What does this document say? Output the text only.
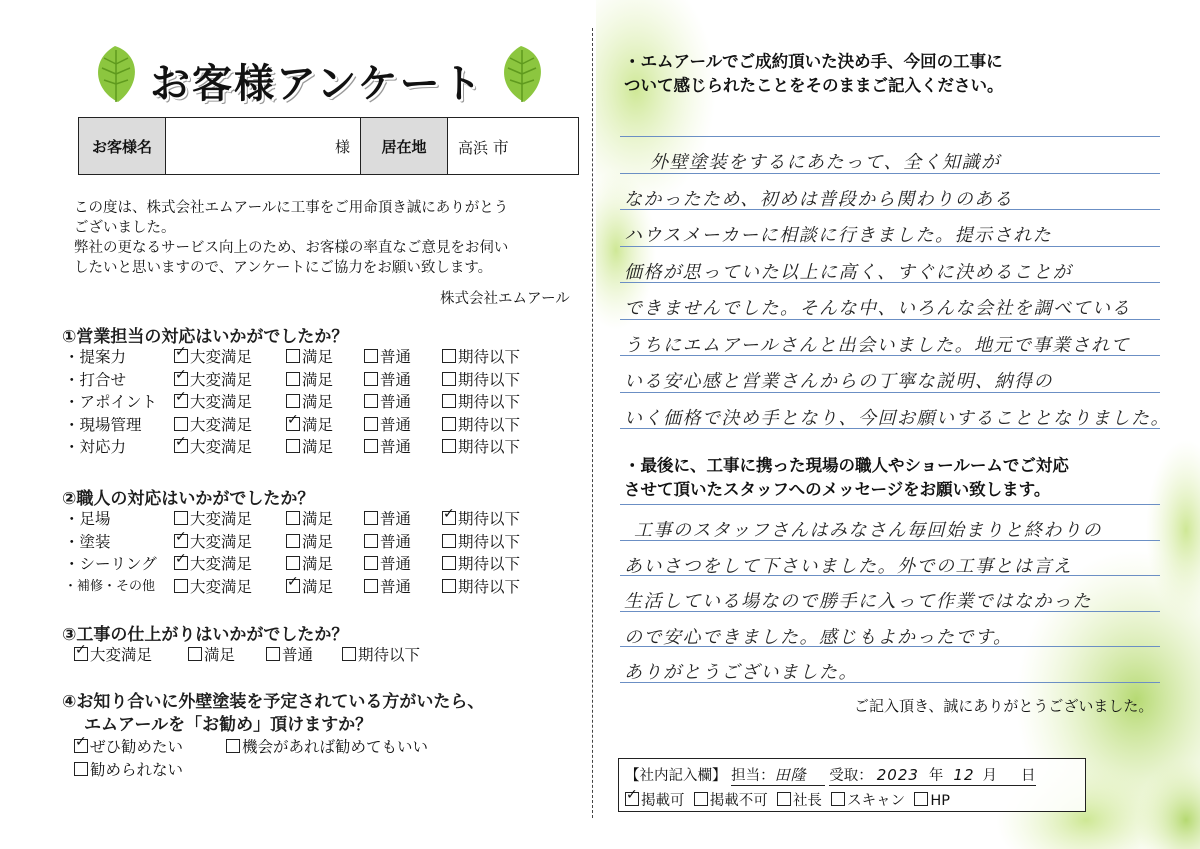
お客様アンケート
お客様名	様	居在地	高浜 市
この度は、株式会社エムアールに工事をご用命頂き誠にありがとう
ございました。
弊社の更なるサービス向上のため、お客様の率直なご意見をお伺い
したいと思いますので、アンケートにご協力をお願い致します。
株式会社エムアール
①営業担当の対応はいかがでしたか？
・提案力 ✓	大変満足	満足	普通	期待以下
・打合せ ✓	大変満足	満足	普通	期待以下
・アポイント ✓	大変満足	満足	普通	期待以下
・現場管理	大変満足 ✓	満足	普通	期待以下
・対応力 ✓	大変満足	満足	普通	期待以下
②職人の対応はいかがでしたか？
・足場	大変満足	満足	普通 ✓	期待以下
・塗装 ✓	大変満足	満足	普通	期待以下
・シーリング ✓	大変満足	満足	普通	期待以下
・補修・その他	大変満足 ✓	満足	普通	期待以下
③工事の仕上がりはいかがでしたか？
✓大変満足	満足	普通	期待以下
④お知り合いに外壁塗装を予定されている方がいたら、
エムアールを「お勧め」頂けますか？
✓ぜひ勧めたい	機会があれば勧めてもいい
勧められない
・エムアールでご成約頂いた決め手、今回の工事に
ついて感じられたことをそのままご記入ください。
外壁塗装をするにあたって、全く知識が
なかったため、初めは普段から関わりのある
ハウスメーカーに相談に行きました。提示された
価格が思っていた以上に高く、すぐに決めることが
できませんでした。そんな中、いろんな会社を調べている
うちにエムアールさんと出会いました。地元で事業されて
いる安心感と営業さんからの丁寧な説明、納得の
いく価格で決め手となり、今回お願いすることとなりました。
・最後に、工事に携った現場の職人やショールームでご対応
させて頂いたスタッフへのメッセージをお願い致します。
工事のスタッフさんはみなさん毎回始まりと終わりの
あいさつをして下さいました。外での工事とは言え
生活している場なので勝手に入って作業ではなかった
ので安心できました。感じもよかったです。
ありがとうございました。
ご記入頂き、誠にありがとうございました。
【社内記入欄】 担当：田隆 受取： 2023 年 12 月 日
✓掲載可 掲載不可 社長 スキャン HP
